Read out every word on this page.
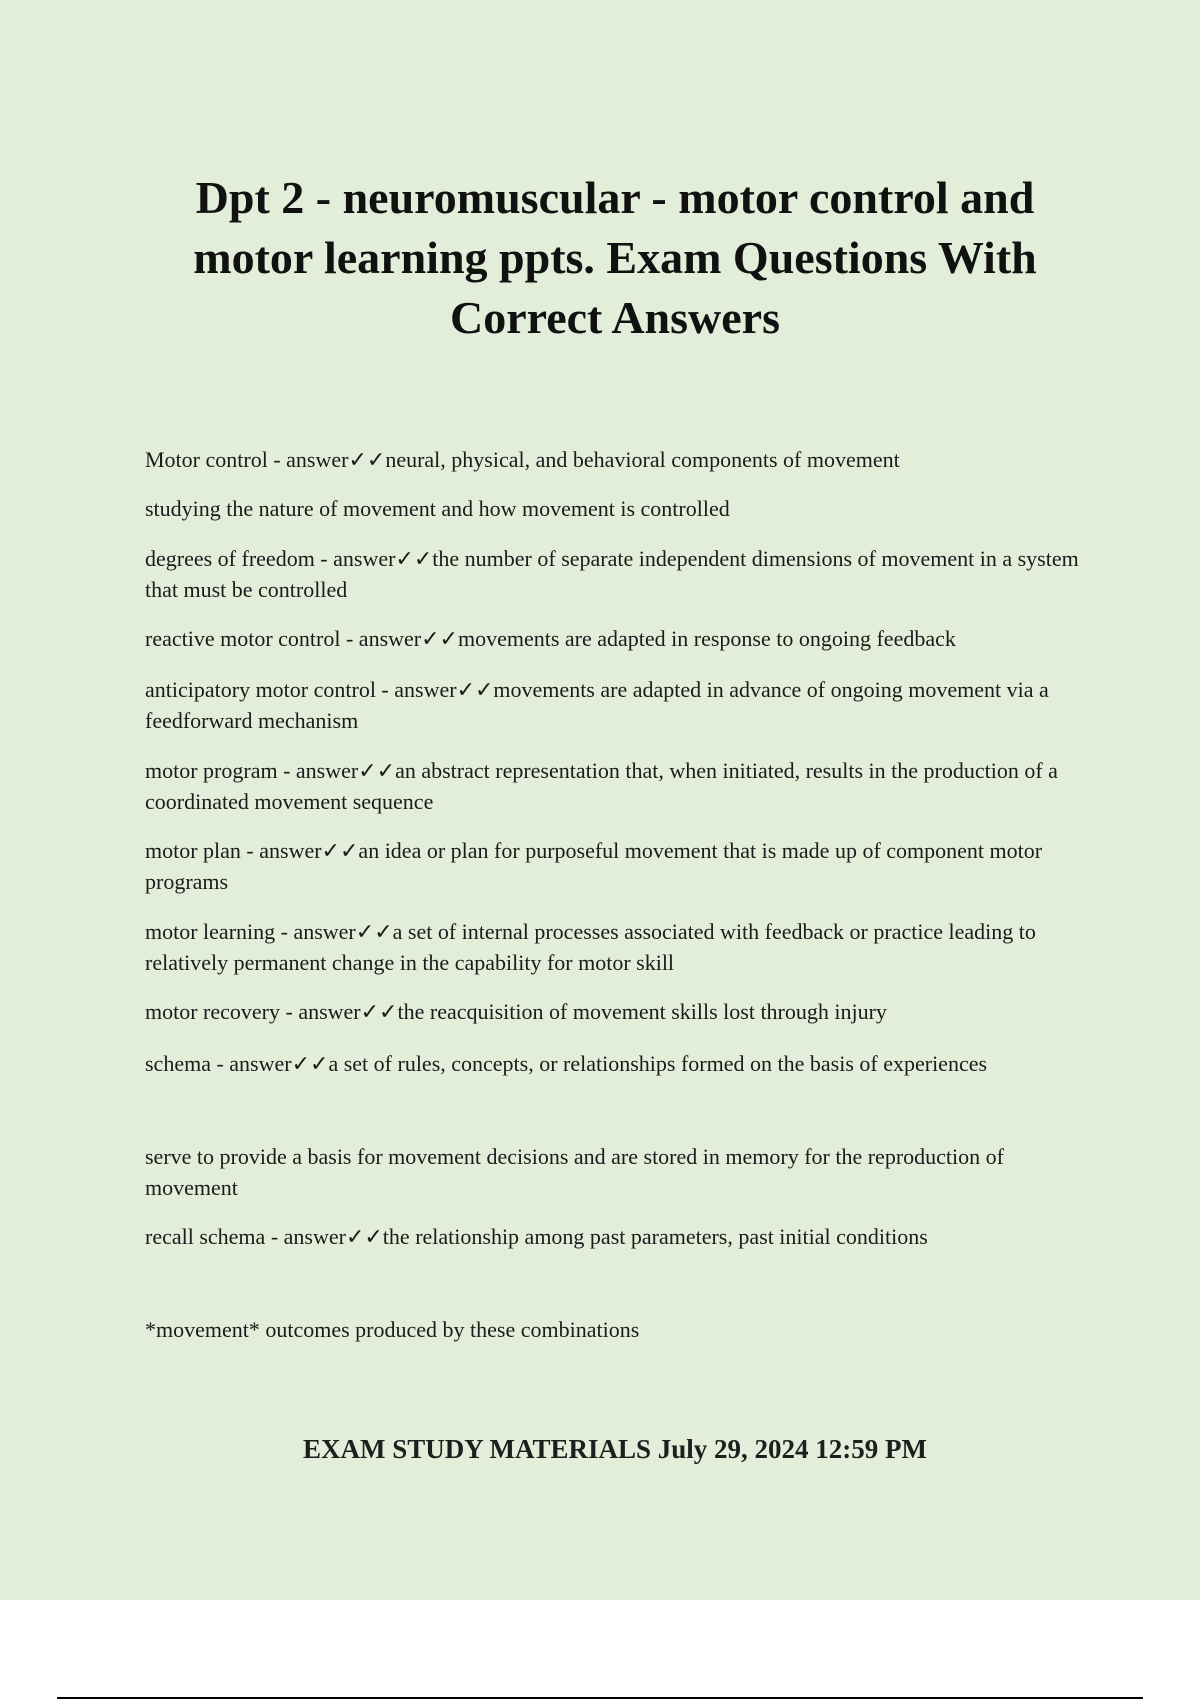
Dpt 2 - neuromuscular - motor control and motor learning ppts. Exam Questions With Correct Answers
Motor control - answer✓✓neural, physical, and behavioral components of movement
studying the nature of movement and how movement is controlled
degrees of freedom - answer✓✓the number of separate independent dimensions of movement in a system that must be controlled
reactive motor control - answer✓✓movements are adapted in response to ongoing feedback
anticipatory motor control - answer✓✓movements are adapted in advance of ongoing movement via a feedforward mechanism
motor program - answer✓✓an abstract representation that, when initiated, results in the production of a coordinated movement sequence
motor plan - answer✓✓an idea or plan for purposeful movement that is made up of component motor programs
motor learning - answer✓✓a set of internal processes associated with feedback or practice leading to relatively permanent change in the capability for motor skill
motor recovery - answer✓✓the reacquisition of movement skills lost through injury
schema - answer✓✓a set of rules, concepts, or relationships formed on the basis of experiences
serve to provide a basis for movement decisions and are stored in memory for the reproduction of movement
recall schema - answer✓✓the relationship among past parameters, past initial conditions
*movement* outcomes produced by these combinations

EXAM STUDY MATERIALS July 29, 2024 12:59 PM
